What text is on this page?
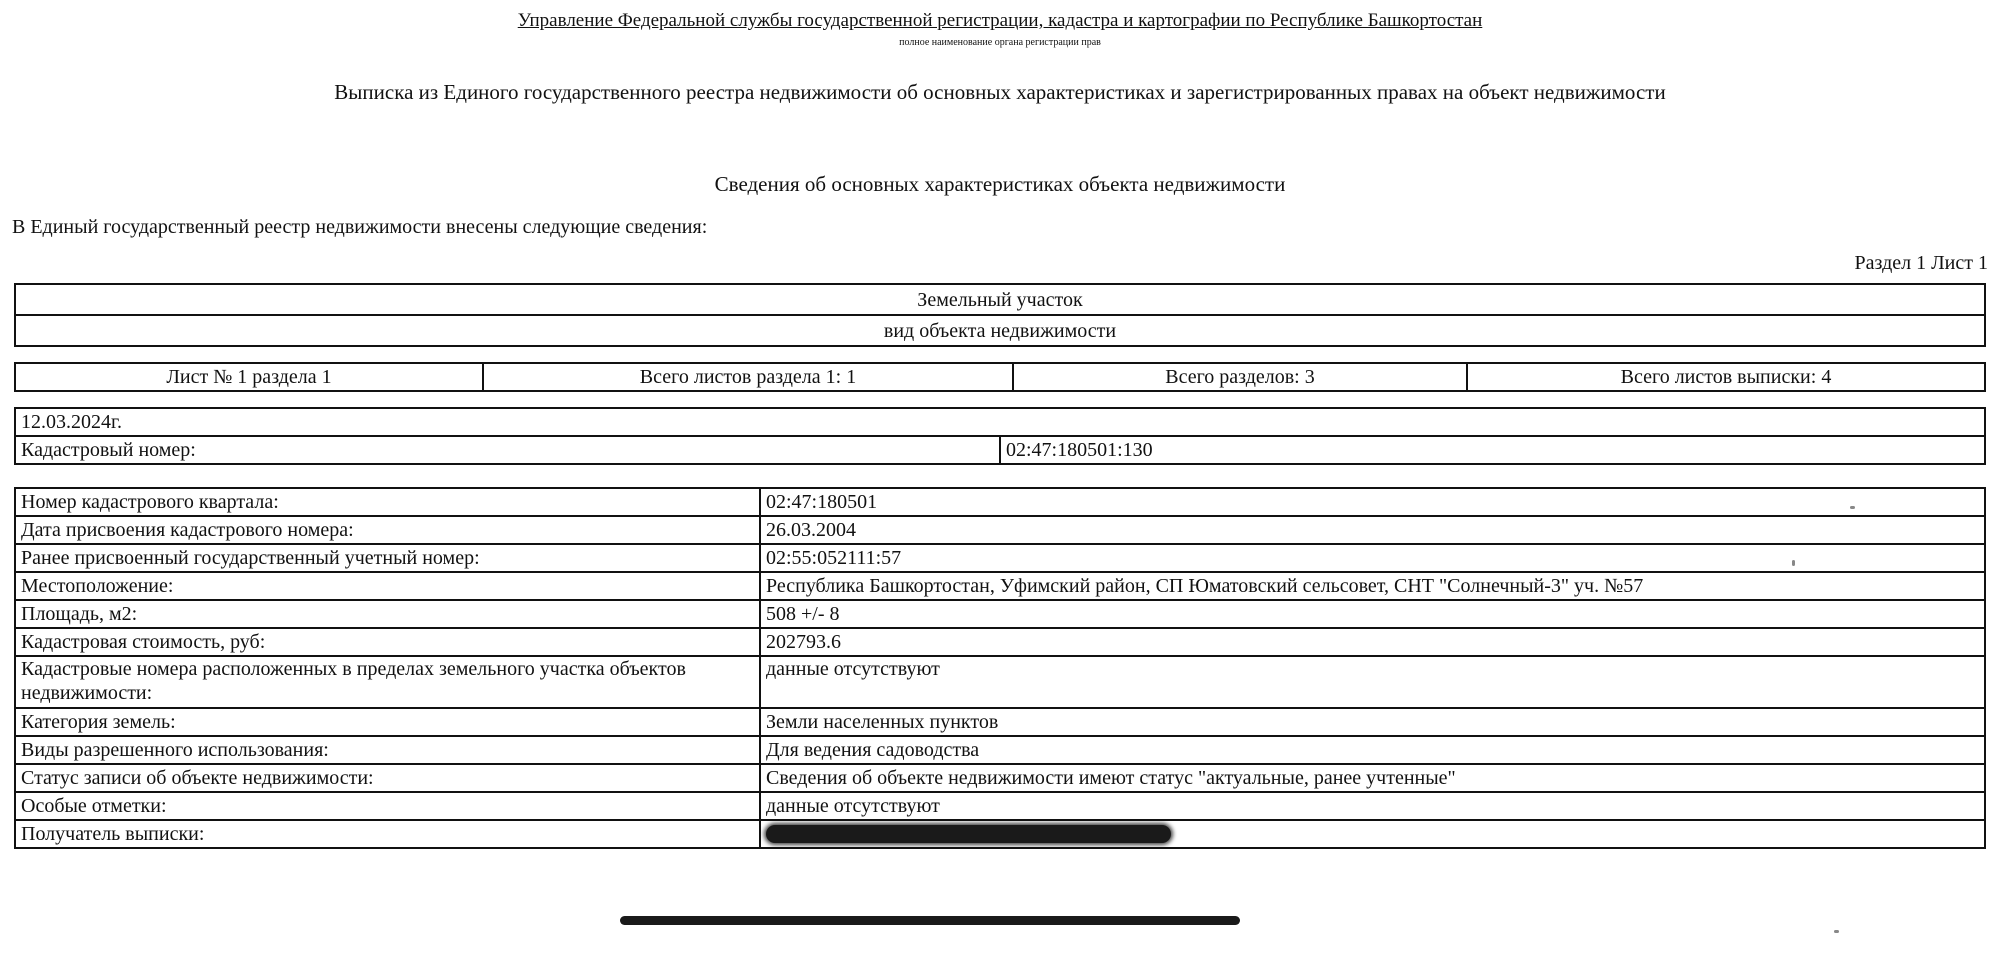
Управление Федеральной службы государственной регистрации, кадастра и картографии по Республике Башкортостан
полное наименование органа регистрации прав
Выписка из Единого государственного реестра недвижимости об основных характеристиках и зарегистрированных правах на объект недвижимости
Сведения об основных характеристиках объекта недвижимости
В Единый государственный реестр недвижимости внесены следующие сведения:
Раздел 1 Лист 1
Земельный участок
вид объекта недвижимости
Лист № 1 раздела 1	Всего листов раздела 1: 1	Всего разделов: 3	Всего листов выписки: 4
12.03.2024г.
Кадастровый номер:	02:47:180501:130
Номер кадастрового квартала:	02:47:180501
Дата присвоения кадастрового номера:	26.03.2004
Ранее присвоенный государственный учетный номер:	02:55:052111:57
Местоположение:	Республика Башкортостан, Уфимский район, СП Юматовский сельсовет, СНТ "Солнечный-3" уч. №57
Площадь, м2:	508 +/- 8
Кадастровая стоимость, руб:	202793.6
Кадастровые номера расположенных в пределах земельного участка объектов недвижимости:	данные отсутствуют
Категория земель:	Земли населенных пунктов
Виды разрешенного использования:	Для ведения садоводства
Статус записи об объекте недвижимости:	Сведения об объекте недвижимости имеют статус "актуальные, ранее учтенные"
Особые отметки:	данные отсутствуют
Получатель выписки:	
